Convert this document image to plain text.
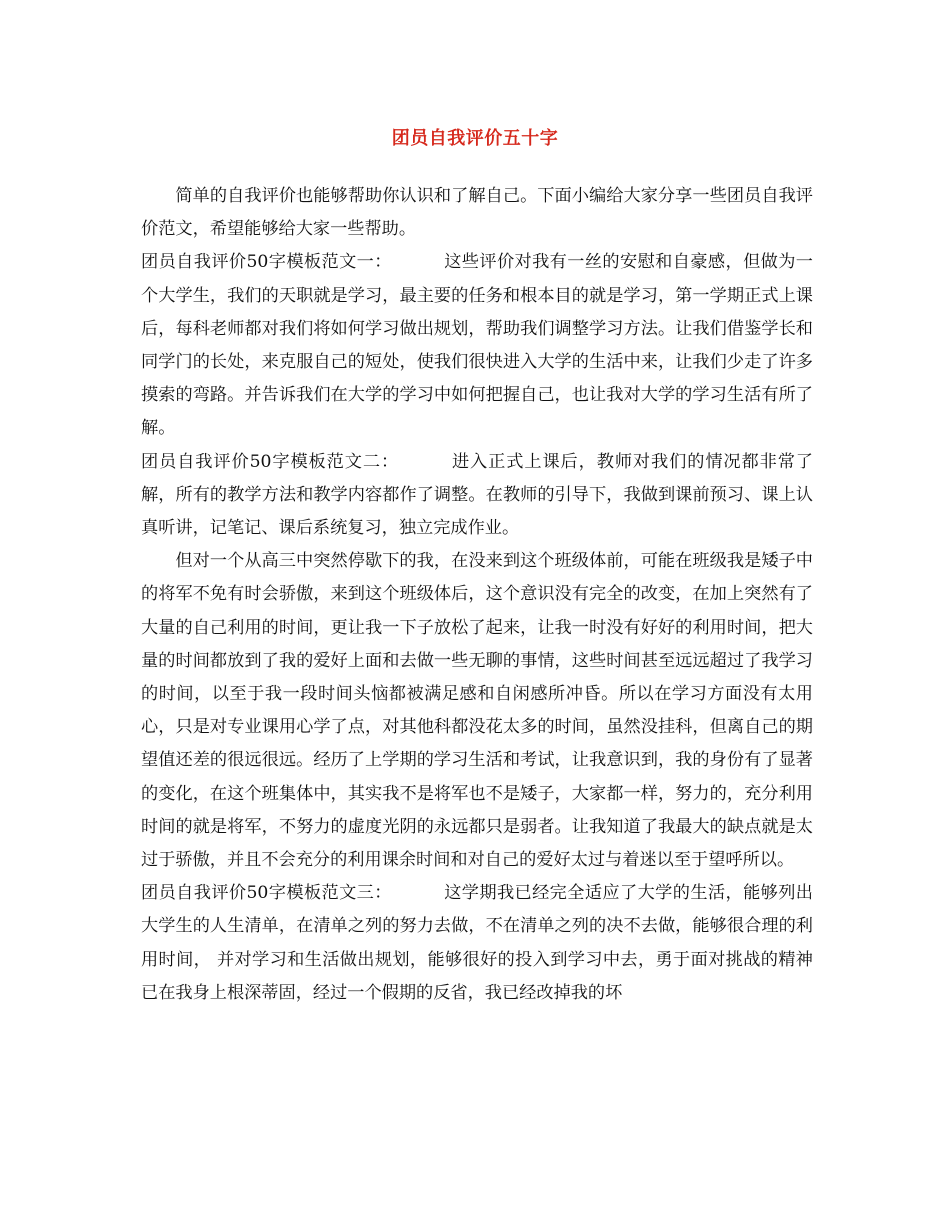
团员自我评价五十字

简单的自我评价也能够帮助你认识和了解自己。下面小编给大家分享一些团员自我评价范文，希望能够给大家一些帮助。

团员自我评价50字模板范文一：	这些评价对我有一丝的安慰和自豪感，但做为一个大学生，我们的天职就是学习，最主要的任务和根本目的就是学习，第一学期正式上课后，每科老师都对我们将如何学习做出规划，帮助我们调整学习方法。让我们借鉴学长和同学门的长处，来克服自己的短处，使我们很快进入大学的生活中来，让我们少走了许多摸索的弯路。并告诉我们在大学的学习中如何把握自己，也让我对大学的学习生活有所了解。

团员自我评价50字模板范文二：	进入正式上课后，教师对我们的情况都非常了解，所有的教学方法和教学内容都作了调整。在教师的引导下，我做到课前预习、课上认真听讲，记笔记、课后系统复习，独立完成作业。

但对一个从高三中突然停歇下的我，在没来到这个班级体前，可能在班级我是矮子中的将军不免有时会骄傲，来到这个班级体后，这个意识没有完全的改变，在加上突然有了大量的自己利用的时间，更让我一下子放松了起来，让我一时没有好好的利用时间，把大量的时间都放到了我的爱好上面和去做一些无聊的事情，这些时间甚至远远超过了我学习的时间，以至于我一段时间头恼都被满足感和自闲感所冲昏。所以在学习方面没有太用心，只是对专业课用心学了点，对其他科都没花太多的时间，虽然没挂科，但离自己的期望值还差的很远很远。经历了上学期的学习生活和考试，让我意识到，我的身份有了显著的变化，在这个班集体中，其实我不是将军也不是矮子，大家都一样，努力的，充分利用时间的就是将军，不努力的虚度光阴的永远都只是弱者。让我知道了我最大的缺点就是太过于骄傲，并且不会充分的利用课余时间和对自己的爱好太过与着迷以至于望呼所以。

团员自我评价50字模板范文三：	这学期我已经完全适应了大学的生活，能够列出大学生的人生清单，在清单之列的努力去做，不在清单之列的决不去做，能够很合理的利用时间， 并对学习和生活做出规划，能够很好的投入到学习中去，勇于面对挑战的精神已在我身上根深蒂固，经过一个假期的反省，我已经改掉我的坏
